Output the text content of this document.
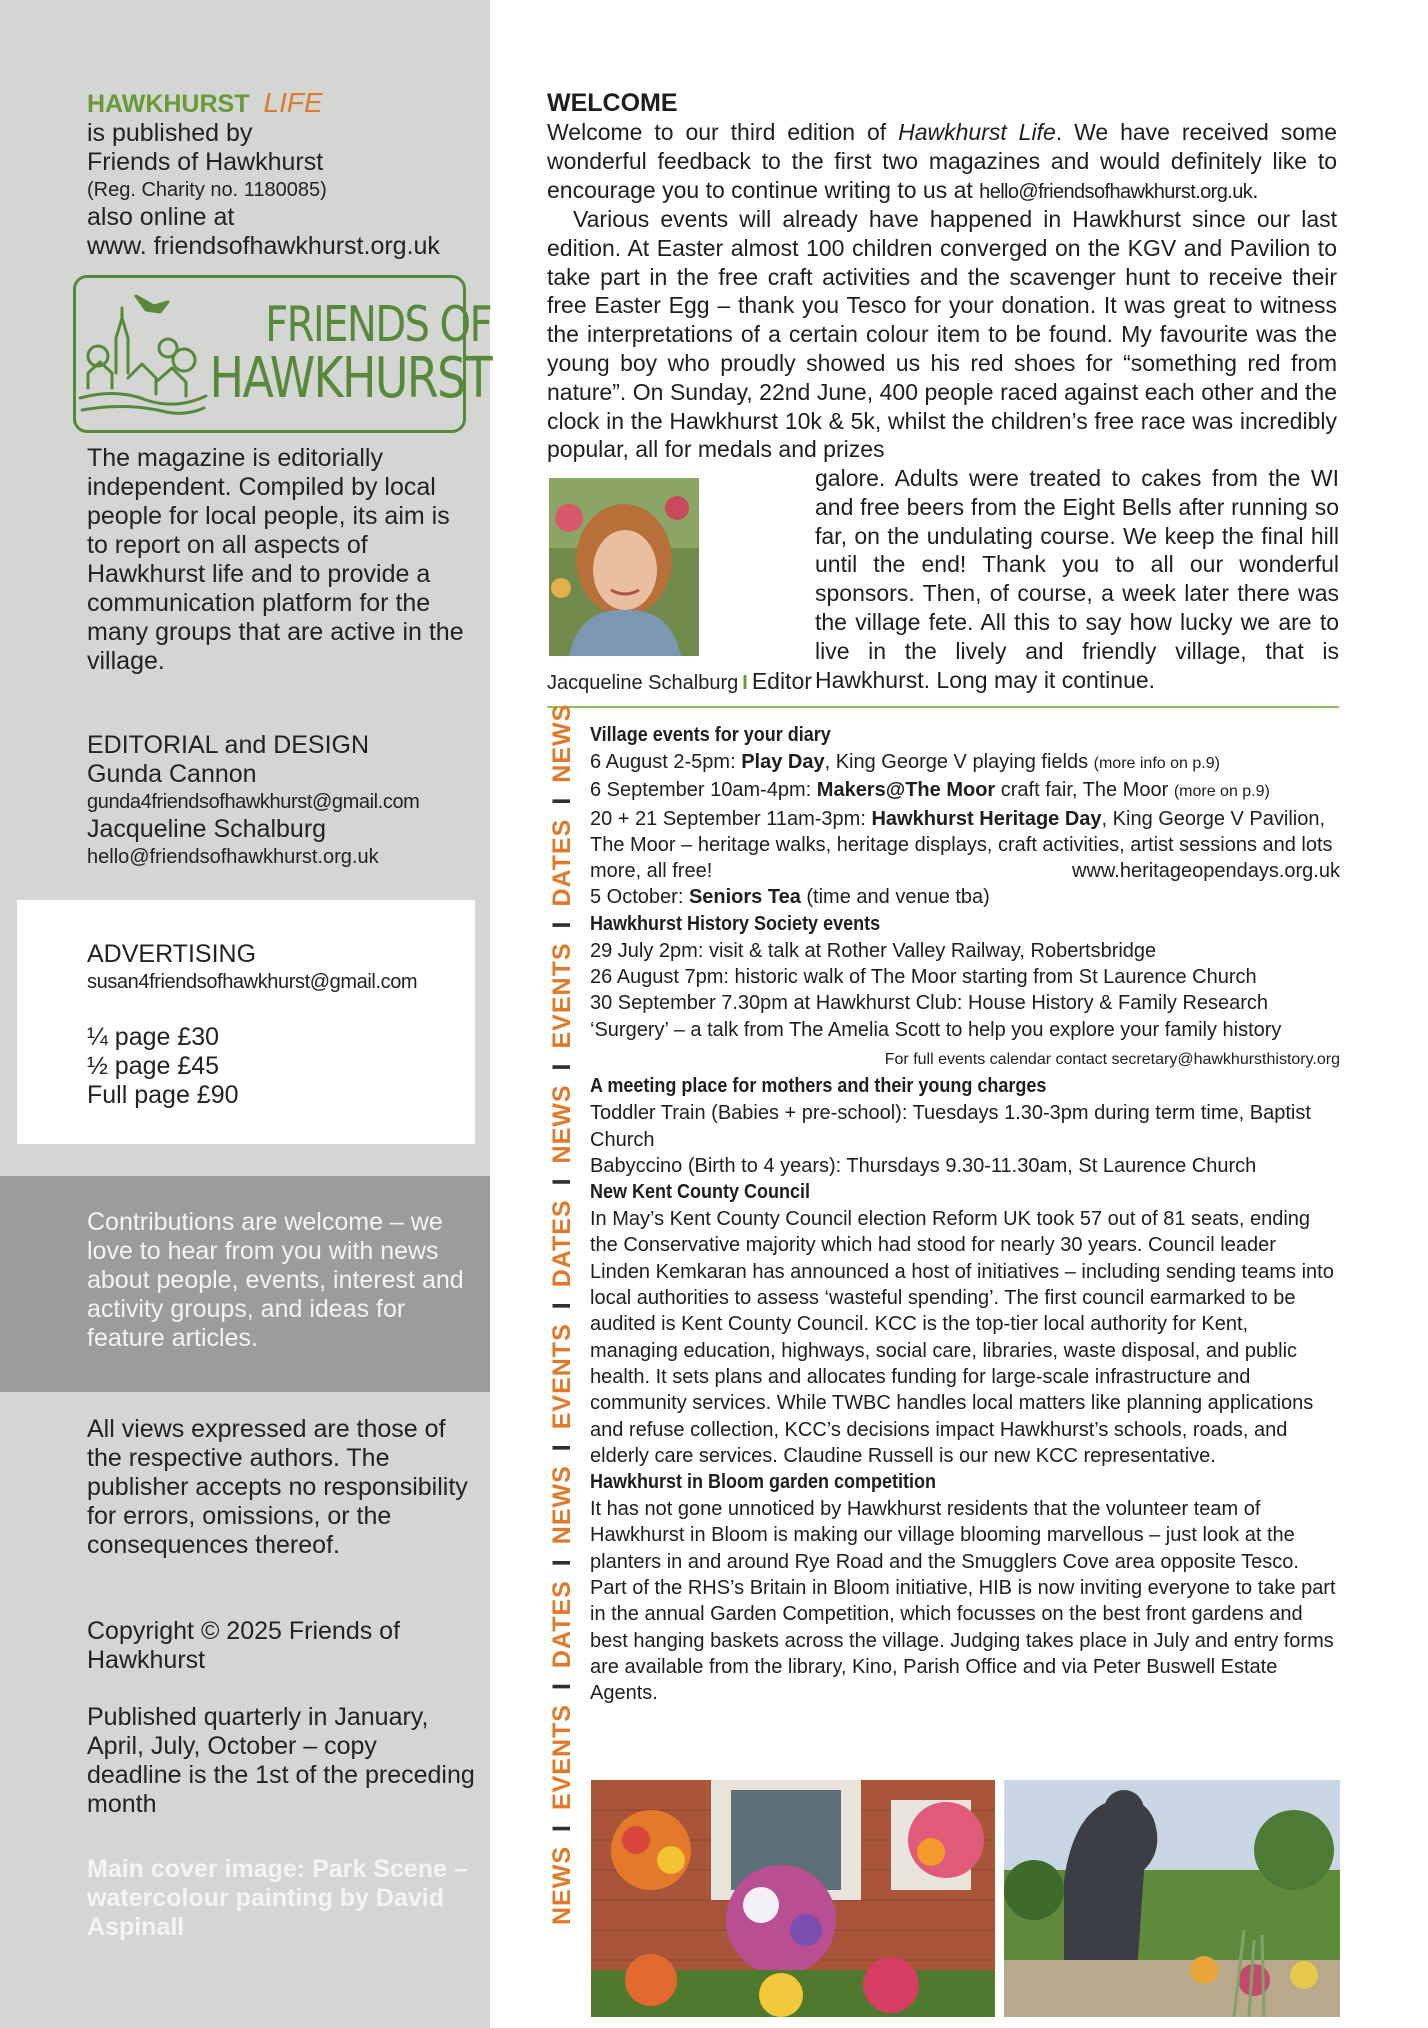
HAWKHURST LIFE
is published by
Friends of Hawkhurst
(Reg. Charity no. 1180085)
also online at
www. friendsofhawkhurst.org.uk
FRIENDS OF
HAWKHURST
The magazine is editorially independent. Compiled by local people for local people, its aim is to report on all aspects of Hawkhurst life and to provide a communication platform for the many groups that are active in the village.
EDITORIAL and DESIGN
Gunda Cannon
gunda4friendsofhawkhurst@gmail.com
Jacqueline Schalburg
hello@friendsofhawkhurst.org.uk
ADVERTISING
susan4friendsofhawkhurst@gmail.com
¼ page £30
½ page £45
Full page £90
Contributions are welcome – we love to hear from you with news about people, events, interest and activity groups, and ideas for feature articles.
All views expressed are those of the respective authors. The publisher accepts no responsibility for errors, omissions, or the consequences thereof.
Copyright © 2025 Friends of Hawkhurst
Published quarterly in January, April, July, October – copy deadline is the 1st of the preceding month
Main cover image: Park Scene – watercolour painting by David Aspinall
WELCOME

Welcome to our third edition of Hawkhurst Life. We have received some wonderful feedback to the first two magazines and would definitely like to encourage you to continue writing to us at hello@friendsofhawkhurst.org.uk.

Various events will already have happened in Hawkhurst since our last edition. At Easter almost 100 children converged on the KGV and Pavilion to take part in the free craft activities and the scavenger hunt to receive their free Easter Egg – thank you Tesco for your donation. It was great to witness the interpretations of a certain colour item to be found. My favourite was the young boy who proudly showed us his red shoes for “something red from nature”. On Sunday, 22nd June, 400 people raced against each other and the clock in the Hawkhurst 10k & 5k, whilst the children’s free race was incredibly popular, all for medals and prizes
galore. Adults were treated to cakes from the WI and free beers from the Eight Bells after running so far, on the undulating course. We keep the final hill until the end! Thank you to all our wonderful sponsors. Then, of course, a week later there was the village fete. All this to say how lucky we are to live in the lively and friendly village, that is Hawkhurst. Long may it continue.
Jacqueline Schalburg I Editor
NEWSIEVENTSIDATESINEWSIEVENTSIDATESINEWSIEVENTSIDATESINEWS Village events for your diary

6 August 2-5pm: Play Day, King George V playing fields (more info on p.9)

6 September 10am-4pm: Makers@The Moor craft fair, The Moor (more on p.9)

20 + 21 September 11am-3pm: Hawkhurst Heritage Day, King George V Pavilion, The Moor – heritage walks, heritage displays, craft activities, artist sessions and lots more, all free!	www.heritageopendays.org.uk

5 October: Seniors Tea (time and venue tba)

Hawkhurst History Society events

29 July 2pm: visit & talk at Rother Valley Railway, Robertsbridge

26 August 7pm: historic walk of The Moor starting from St Laurence Church

30 September 7.30pm at Hawkhurst Club: House History & Family Research ‘Surgery’ – a talk from The Amelia Scott to help you explore your family history
For full events calendar contact secretary@hawkhursthistory.org

A meeting place for mothers and their young charges

Toddler Train (Babies + pre-school): Tuesdays 1.30-3pm during term time, Baptist Church

Babyccino (Birth to 4 years): Thursdays 9.30-11.30am, St Laurence Church

New Kent County Council

In May’s Kent County Council election Reform UK took 57 out of 81 seats, ending the Conservative majority which had stood for nearly 30 years. Council leader Linden Kemkaran has announced a host of initiatives – including sending teams into local authorities to assess ‘wasteful spending’. The first council earmarked to be audited is Kent County Council. KCC is the top-tier local authority for Kent, managing education, highways, social care, libraries, waste disposal, and public health. It sets plans and allocates funding for large-scale infrastructure and community services. While TWBC handles local matters like planning applications and refuse collection, KCC’s decisions impact Hawkhurst’s schools, roads, and elderly care services. Claudine Russell is our new KCC representative.

Hawkhurst in Bloom garden competition

It has not gone unnoticed by Hawkhurst residents that the volunteer team of Hawkhurst in Bloom is making our village blooming marvellous – just look at the planters in and around Rye Road and the Smugglers Cove area opposite Tesco. Part of the RHS’s Britain in Bloom initiative, HIB is now inviting everyone to take part in the annual Garden Competition, which focusses on the best front gardens and best hanging baskets across the village. Judging takes place in July and entry forms are available from the library, Kino, Parish Office and via Peter Buswell Estate Agents.
